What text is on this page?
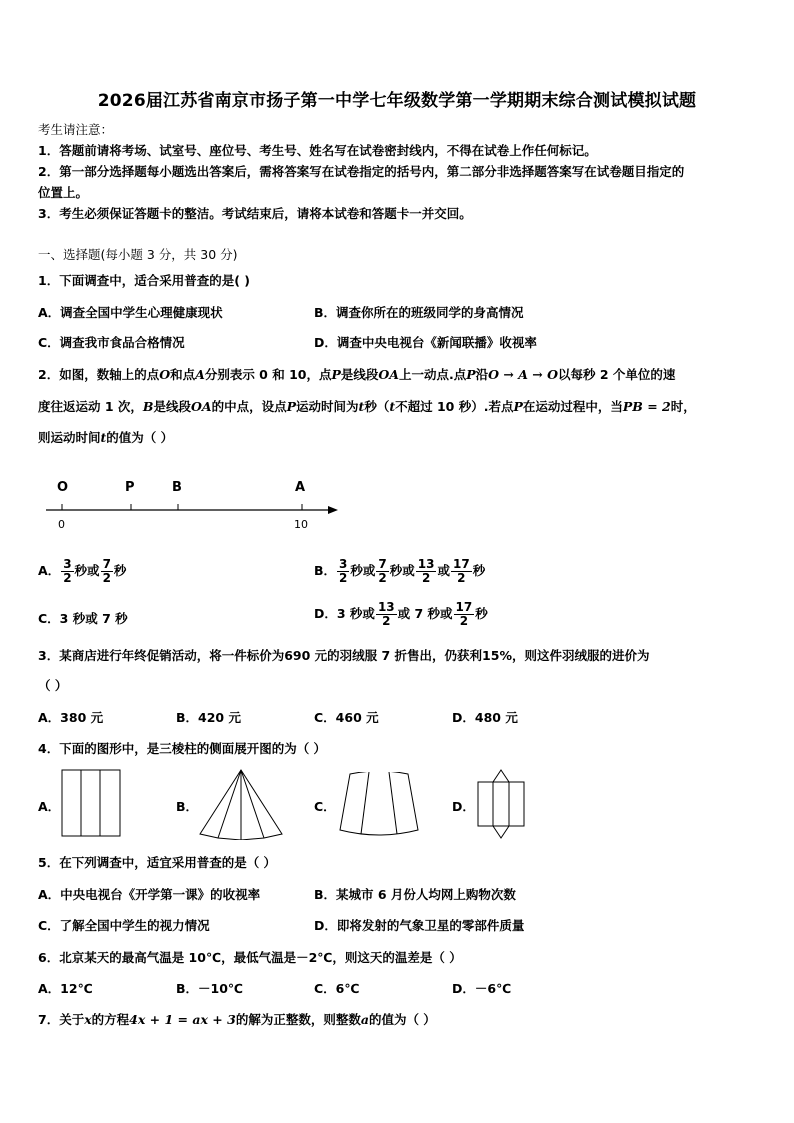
2026届江苏省南京市扬子第一中学七年级数学第一学期期末综合测试模拟试题
考生请注意：
1．答题前请将考场、试室号、座位号、考生号、姓名写在试卷密封线内，不得在试卷上作任何标记。
2．第一部分选择题每小题选出答案后，需将答案写在试卷指定的括号内，第二部分非选择题答案写在试卷题目指定的
位置上。
3．考生必须保证答题卡的整洁。考试结束后，请将本试卷和答题卡一并交回。
一、选择题(每小题 3 分，共 30 分)
1．下面调查中，适合采用普查的是( )
A．调查全国中学生心理健康现状	B．调查你所在的班级同学的身高情况
C．调查我市食品合格情况	D．调查中央电视台《新闻联播》收视率
2．如图，数轴上的点O和点A分别表示 0 和 10，点P是线段OA上一动点.点P沿O → A → O以每秒 2 个单位的速
度往返运动 1 次，B是线段OA的中点，设点P运动时间为t秒（t不超过 10 秒）.若点P在运动过程中，当PB = 2时，
则运动时间t的值为（ ）
O	P	B	A
0	10
A． $\frac{3}{2}$ 秒或 $\frac{7}{2}$ 秒	B． $\frac{3}{2}$ 秒或 $\frac{7}{2}$ 秒或 $\frac{13}{2}$ 或 $\frac{17}{2}$ 秒
C．3 秒或 7 秒	D．3 秒或 $\frac{13}{2}$ 或 7 秒或 $\frac{17}{2}$ 秒
3．某商店进行年终促销活动，将一件标价为690 元的羽绒服 7 折售出，仍获利15%，则这件羽绒服的进价为
（ ）
A．380 元	B．420 元	C．460 元	D．480 元
4．下面的图形中，是三棱柱的侧面展开图的为（ ）
A．	B．	C．	D．
5．在下列调查中，适宜采用普查的是（ ）
A．中央电视台《开学第一课》的收视率	B．某城市 6 月份人均网上购物次数
C．了解全国中学生的视力情况	D．即将发射的气象卫星的零部件质量
6．北京某天的最高气温是 10℃，最低气温是－2℃，则这天的温差是（ ）
A．12℃	B．－10℃	C．6℃	D．－6℃
7．关于x的方程4x + 1 = ax + 3的解为正整数，则整数a的值为（ ）
